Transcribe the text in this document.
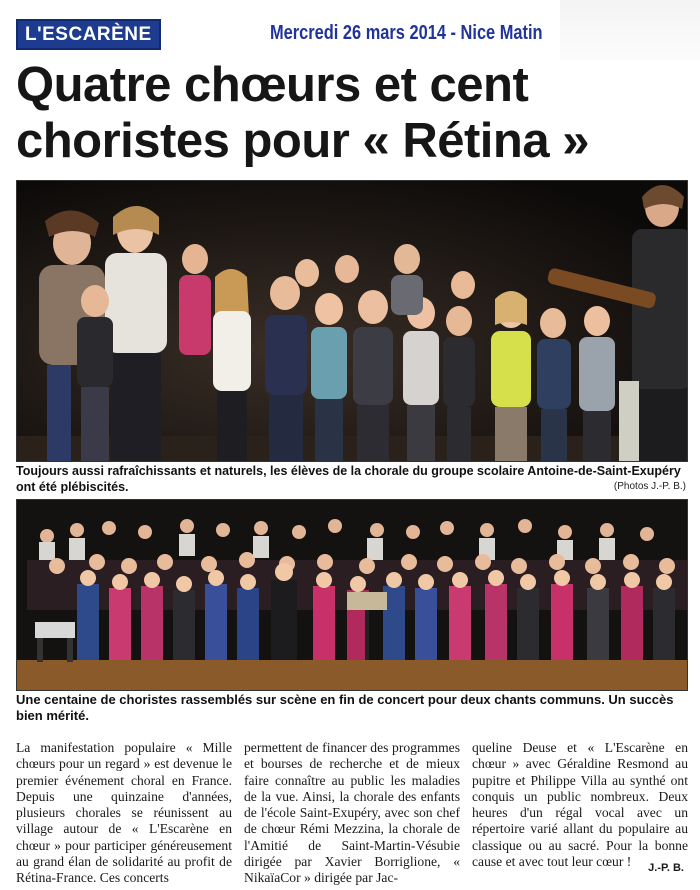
L'ESCARÈNE	Mercredi 26 mars 2014 - Nice Matin
Quatre chœurs et cent
choristes pour « Rétina »
Toujours aussi rafraîchissants et naturels, les élèves de la chorale du groupe scolaire Antoine-de-Saint-Exupéry ont été plébiscités.	(Photos J.-P. B.)
Une centaine de choristes rassemblés sur scène en fin de concert pour deux chants communs. Un succès bien mérité.

La manifestation populaire « Mille chœurs pour un regard » est devenue le premier événement choral en France. Depuis une quinzaine d'années, plusieurs chorales se réunissent au village autour de « L'Escarène en chœur » pour participer généreusement au grand élan de solidarité au profit de Rétina-France. Ces concerts

permettent de financer des programmes et bourses de recherche et de mieux faire connaître au public les maladies de la vue. Ainsi, la chorale des enfants de l'école Saint-Exupéry, avec son chef de chœur Rémi Mezzina, la chorale de l'Amitié de Saint-Martin-Vésubie dirigée par Xavier Borriglione, « NikaïaCor » dirigée par Jac-

queline Deuse et « L'Escarène en chœur » avec Géraldine Resmond au pupitre et Philippe Villa au synthé ont conquis un public nombreux. Deux heures d'un régal vocal avec un répertoire varié allant du populaire au classique ou au sacré. Pour la bonne cause et avec tout leur cœur !	J.-P. B.
